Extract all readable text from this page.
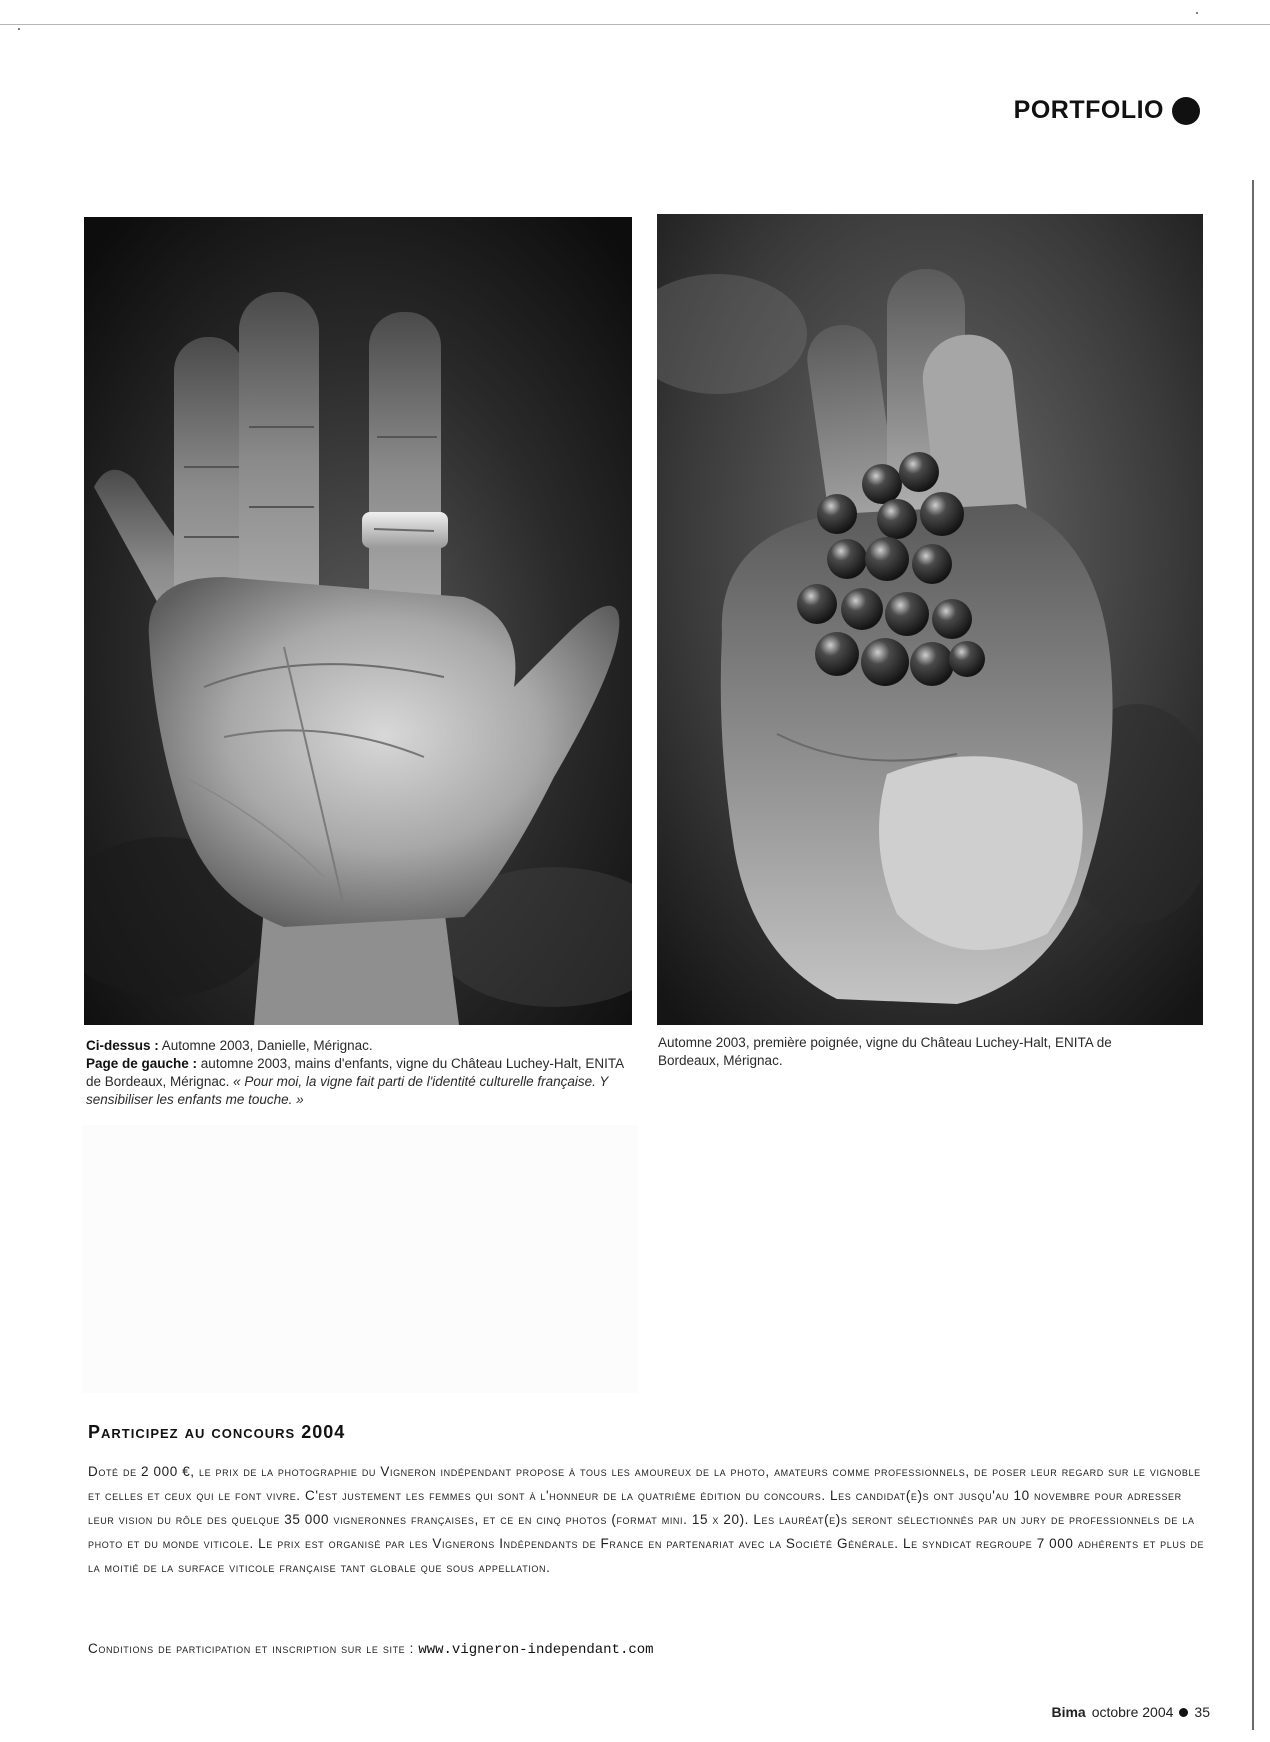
PORTFOLIO

Ci-dessus : Automne 2003, Danielle, Mérignac.

Page de gauche : automne 2003, mains d'enfants, vigne du Château Luchey-Halt, ENITA de Bordeaux, Mérignac. « Pour moi, la vigne fait parti de l'identité culturelle française. Y sensibiliser les enfants me touche. »

Automne 2003, première poignée, vigne du Château Luchey-Halt, ENITA de Bordeaux, Mérignac.

Participez au concours 2004

Doté de 2 000 €, le prix de la photographie du Vigneron indépendant propose à tous les amoureux de la photo, amateurs comme professionnels, de poser leur regard sur le vignoble et celles et ceux qui le font vivre. C'est justement les femmes qui sont à l'honneur de la quatrième édition du concours. Les candidat(e)s ont jusqu'au 10 novembre pour adresser leur vision du rôle des quelque 35 000 vigneronnes françaises, et ce en cinq photos (format mini. 15 x 20). Les lauréat(e)s seront sélectionnés par un jury de professionnels de la photo et du monde viticole. Le prix est organisé par les Vignerons Indépendants de France en partenariat avec la Société Générale. Le syndicat regroupe 7 000 adhérents et plus de la moitié de la surface viticole française tant globale que sous appellation.

Conditions de participation et inscription sur le site : www.vigneron-independant.com
Bima octobre 2004 35
